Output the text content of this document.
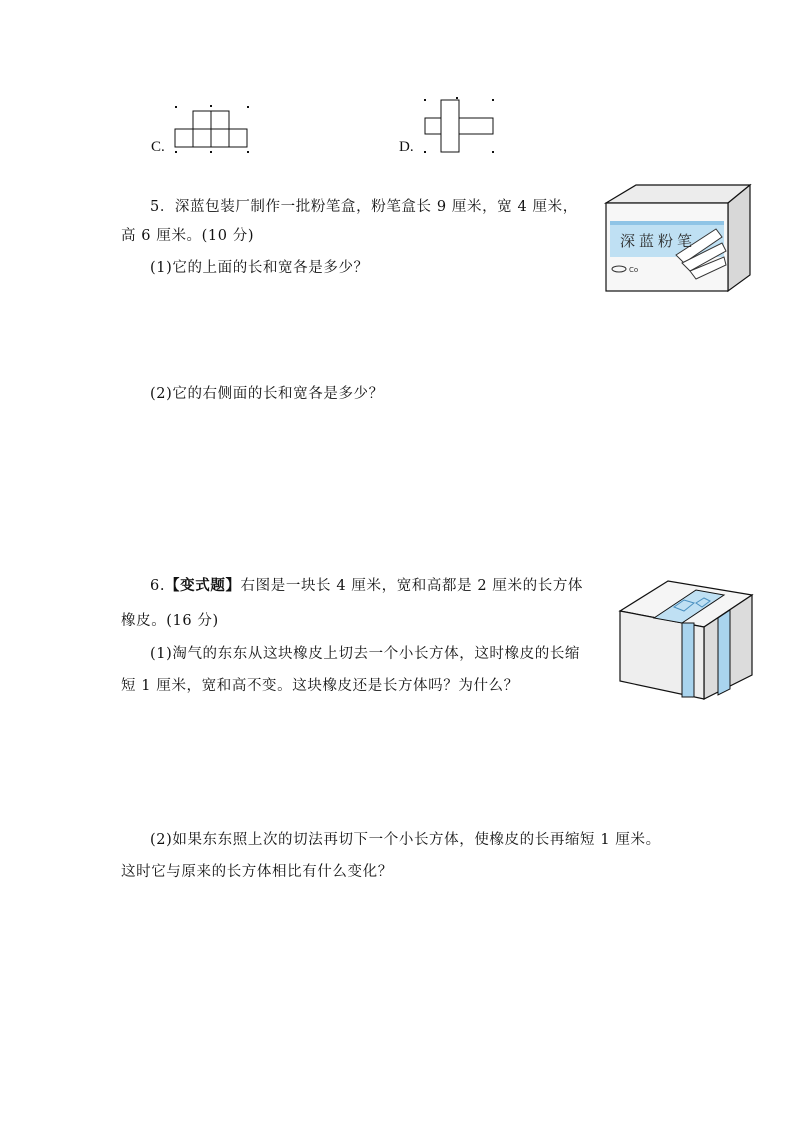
C.	D.
5．深蓝包装厂制作一批粉笔盒，粉笔盒长 9 厘米，宽 4 厘米，
高 6 厘米。(10 分)
(1)它的上面的长和宽各是多少？
(2)它的右侧面的长和宽各是多少？
Co
深蓝粉笔
6.【变式题】右图是一块长 4 厘米，宽和高都是 2 厘米的长方体
橡皮。(16 分)
(1)淘气的东东从这块橡皮上切去一个小长方体，这时橡皮的长缩
短 1 厘米，宽和高不变。这块橡皮还是长方体吗？为什么？
(2)如果东东照上次的切法再切下一个小长方体，使橡皮的长再缩短 1 厘米。
这时它与原来的长方体相比有什么变化？
